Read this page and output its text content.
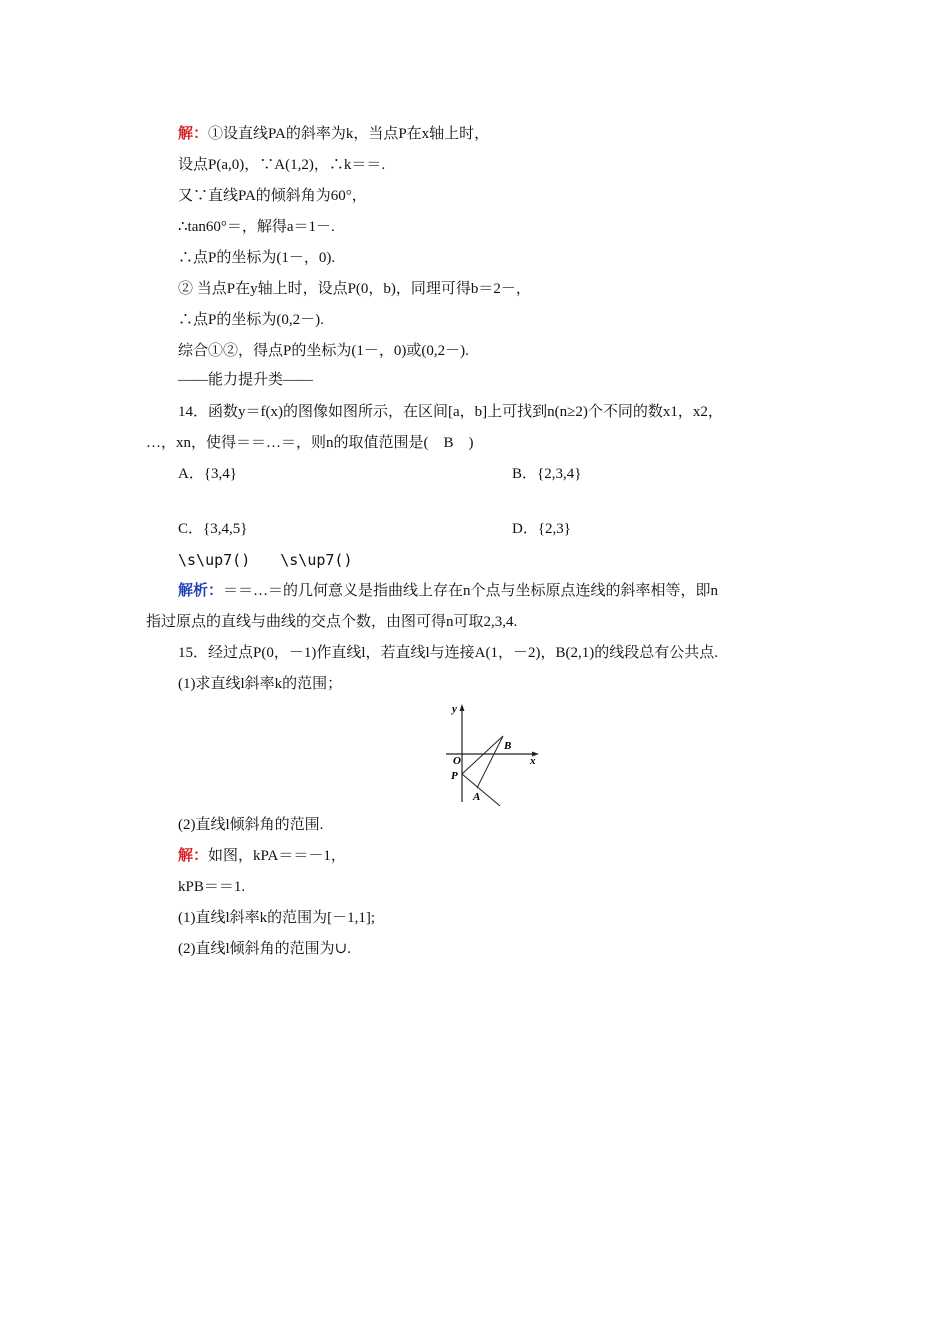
解：①设直线PA的斜率为k，当点P在x轴上时，
设点P(a,0)，∵A(1,2)，∴k＝＝.
又∵直线PA的倾斜角为60°，
∴tan60°＝，解得a＝1－.
∴点P的坐标为(1－，0).
② 当点P在y轴上时，设点P(0，b)，同理可得b＝2－，
∴点P的坐标为(0,2－).
综合①②，得点P的坐标为(1－，0)或(0,2－).
——能力提升类——
14．函数y＝f(x)的图像如图所示，在区间[a，b]上可找到n(n≥2)个不同的数x1，x2，
…，xn，使得＝＝…＝，则n的取值范围是(　B　)
A．{3,4}	B．{2,3,4}
C．{3,4,5}	D．{2,3}
\s\up7()　　\s\up7()
解析：＝＝…＝的几何意义是指曲线上存在n个点与坐标原点连线的斜率相等，即n
指过原点的直线与曲线的交点个数，由图可得n可取2,3,4.
15．经过点P(0，－1)作直线l，若直线l与连接A(1，－2)，B(2,1)的线段总有公共点.
(1)求直线l斜率k的范围；
y
x
O
P
A
B
(2)直线l倾斜角的范围.
解：如图，kPA＝＝－1，
kPB＝＝1.
(1)直线l斜率k的范围为[－1,1];
(2)直线l倾斜角的范围为∪.
